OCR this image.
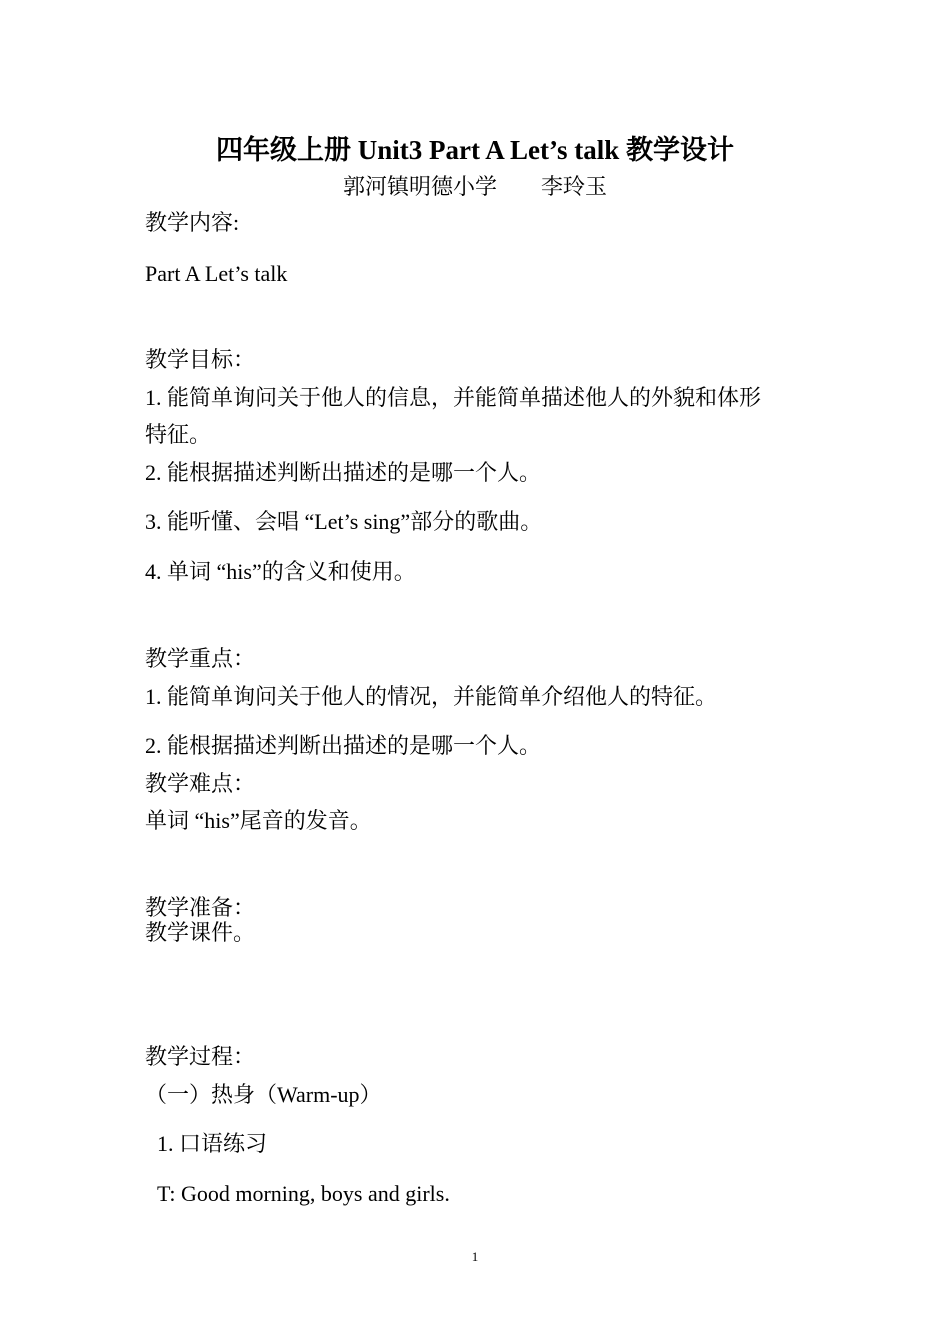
四年级上册 Unit3 Part A Let’s talk 教学设计
郭河镇明德小学        李玲玉
教学内容:
Part A Let’s talk
教学目标：
1. 能简单询问关于他人的信息，并能简单描述他人的外貌和体形
特征。
2. 能根据描述判断出描述的是哪一个人。
3. 能听懂、会唱 “Let’s sing”部分的歌曲。
4. 单词 “his”的含义和使用。
教学重点：
1. 能简单询问关于他人的情况，并能简单介绍他人的特征。
2. 能根据描述判断出描述的是哪一个人。
教学难点：
单词 “his”尾音的发音。
教学准备：
教学课件。
教学过程：
（一）热身（Warm-up）
1. 口语练习
T: Good morning, boys and girls.
1
